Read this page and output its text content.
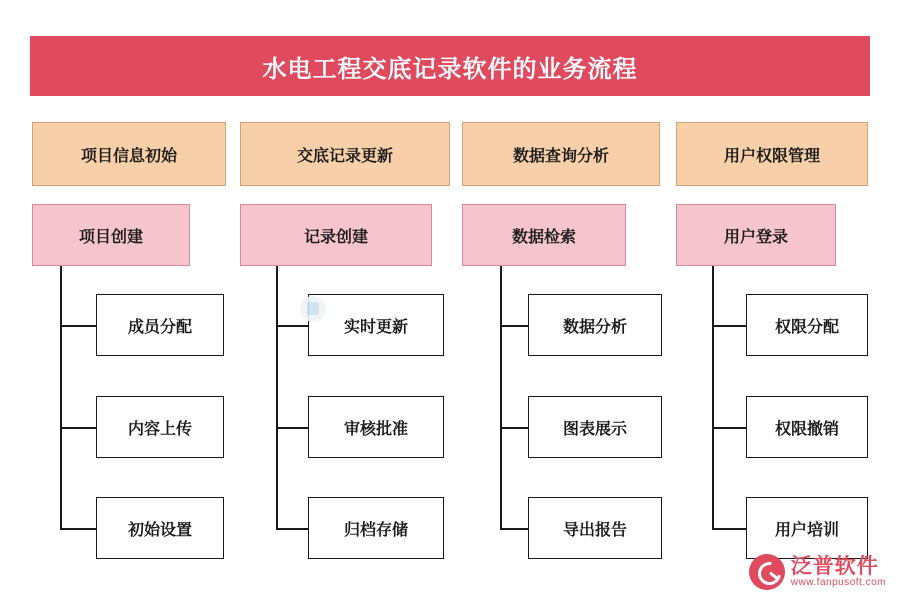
水电工程交底记录软件的业务流程
项目信息初始
项目创建
成员分配
内容上传
初始设置
交底记录更新
记录创建
实时更新
审核批准
归档存储
数据查询分析
数据检索
数据分析
图表展示
导出报告
用户权限管理
用户登录
权限分配
权限撤销
用户培训
泛普软件
www.fanpusoft.com
